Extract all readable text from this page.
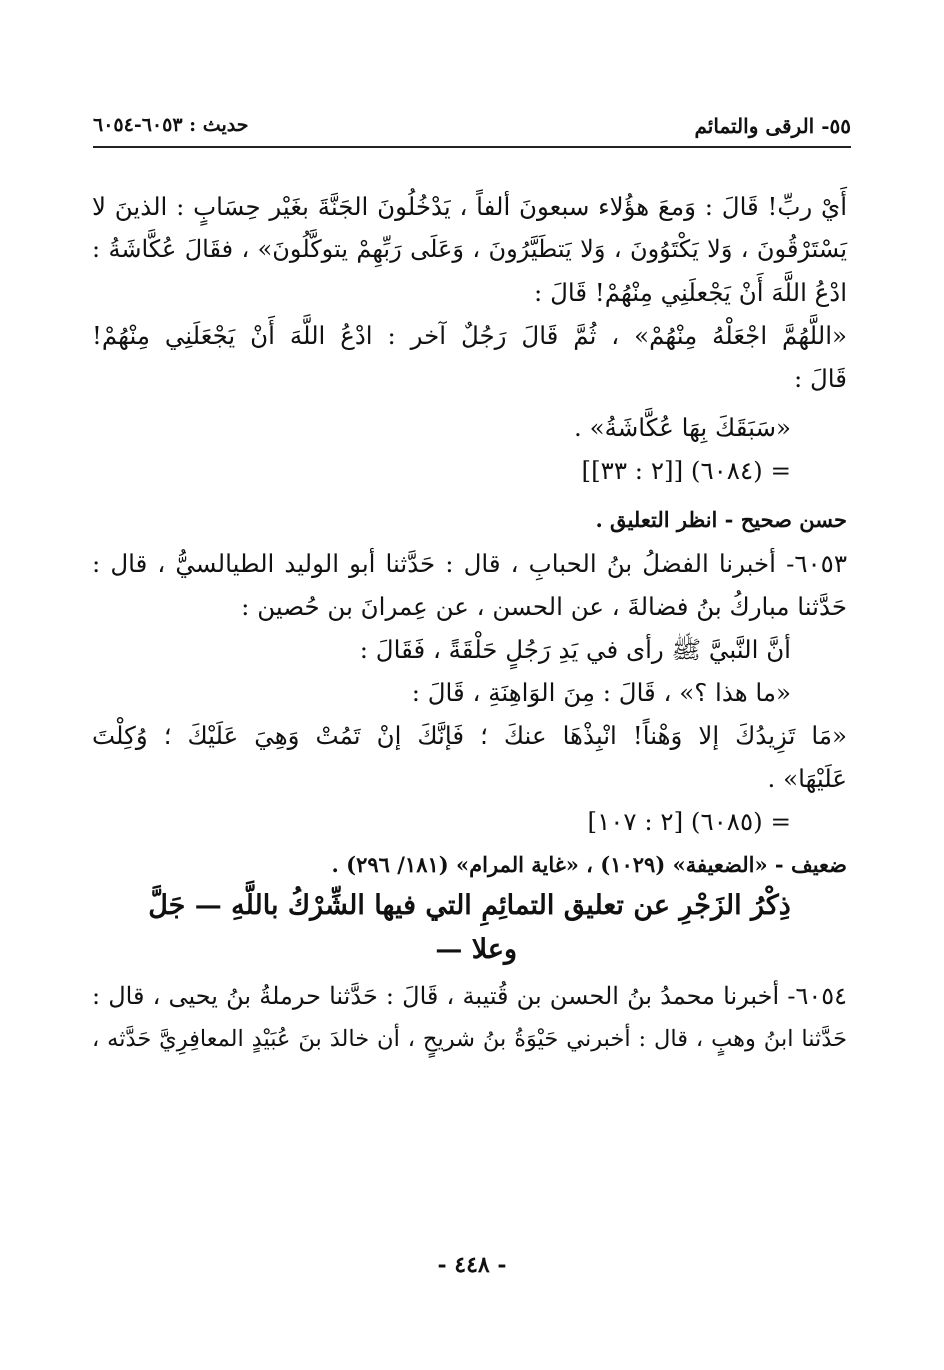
٥٥- الرقى والتمائم
حديث : ٦٠٥٣-٦٠٥٤
أَيْ ربِّ! قَالَ : وَمعَ هؤُلاء سبعونَ ألفاً ، يَدْخُلُونَ الجَنَّةَ بغَيْر حِسَابٍ : الذينَ لا
يَسْتَرْقُونَ ، وَلا يَكْتَوُونَ ، وَلا يَتطَيَّرُونَ ، وَعَلَى رَبِّهِمْ يتوكَّلُونَ» ، فقَالَ عُكَّاشَةُ :
ادْعُ اللَّهَ أَنْ يَجْعلَنِي مِنْهُمْ! قَالَ :
«اللَّهُمَّ اجْعَلْهُ مِنْهُمْ» ، ثُمَّ قَالَ رَجُلٌ آخر : ادْعُ اللَّهَ أَنْ يَجْعَلَنِي مِنْهُمْ!
قَالَ :
«سَبَقَكَ بِهَا عُكَّاشَةُ» .
= (٦٠٨٤) [[٢ : ٣٣]]
حسن صحيح - انظر التعليق .
٦٠٥٣- أخبرنا الفضلُ بنُ الحبابِ ، قال : حَدَّثنا أبو الوليد الطيالسيُّ ، قال :
حَدَّثنا مباركُ بنُ فضالةَ ، عن الحسن ، عن عِمرانَ بن حُصين :
أنَّ النَّبيَّ ﷺ رأى في يَدِ رَجُلٍ حَلْقَةً ، فَقَالَ :
«ما هذا ؟» ، قَالَ : مِنَ الوَاهِنَةِ ، قَالَ :
«مَا تَزِيدُكَ إلا وَهْناً! انْبِذْهَا عنكَ ؛ فَإنَّكَ إنْ تَمُتْ وَهِيَ عَلَيْكَ ؛ وُكِلْتَ
عَلَيْهَا» .
= (٦٠٨٥) [٢ : ١٠٧]
ضعيف - «الضعيفة» (١٠٢٩) ، «غاية المرام» (١٨١/ ٢٩٦) .
ذِكْرُ الزَجْرِ عن تعليق التمائِمِ التي فيها الشِّرْكُ باللَّهِ — جَلَّ
وعلا —
٦٠٥٤- أخبرنا محمدُ بنُ الحسن بن قُتيبة ، قَالَ : حَدَّثنا حرملةُ بنُ يحيى ، قال :
حَدَّثنا ابنُ وهبٍ ، قال : أخبرني حَيْوَةُ بنُ شريحٍ ، أن خالدَ بنَ عُبَيْدٍ المعافِرِيَّ حَدَّثه ،
- ٤٤٨ -
